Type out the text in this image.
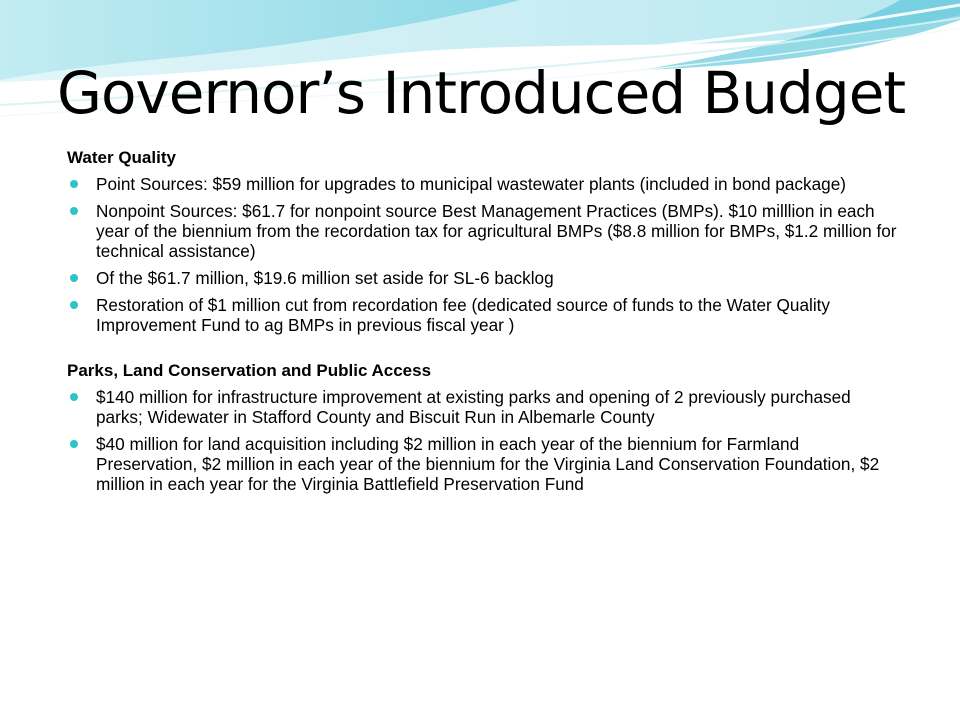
Governor’s Introduced Budget
Water Quality
Point Sources: $59 million for upgrades to municipal wastewater plants (included in bond package)
Nonpoint Sources: $61.7 for nonpoint source Best Management Practices (BMPs). $10 milllion in each year of the biennium from the recordation tax for agricultural BMPs ($8.8 million for BMPs, $1.2 million for technical assistance)
Of the $61.7 million, $19.6 million set aside for SL-6 backlog
Restoration of $1 million cut from recordation fee (dedicated source of funds to the Water Quality Improvement Fund to ag BMPs in previous fiscal year )
Parks, Land Conservation and Public Access
$140 million for infrastructure improvement at existing parks and opening of 2 previously purchased parks; Widewater in Stafford County and Biscuit Run in Albemarle County
$40 million for land acquisition including $2 million in each year of the biennium for Farmland Preservation, $2 million in each year of the biennium for the Virginia Land Conservation Foundation, $2 million in each year for the Virginia Battlefield Preservation Fund
